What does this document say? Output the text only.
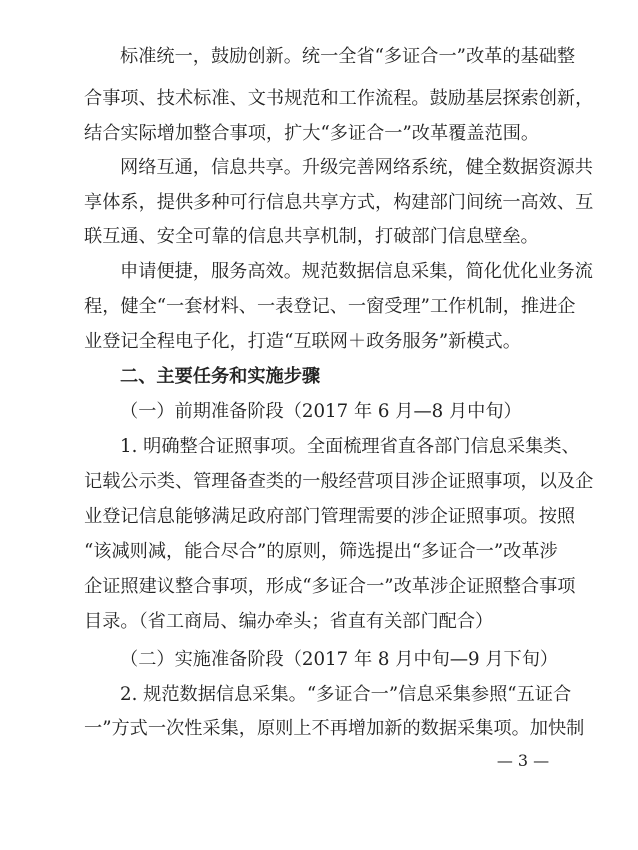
标准统一，鼓励创新。统一全省“多证合一”改革的基础整
合事项、技术标准、文书规范和工作流程。鼓励基层探索创新，
结合实际增加整合事项，扩大“多证合一”改革覆盖范围。
网络互通，信息共享。升级完善网络系统，健全数据资源共
享体系，提供多种可行信息共享方式，构建部门间统一高效、互
联互通、安全可靠的信息共享机制，打破部门信息壁垒。
申请便捷，服务高效。规范数据信息采集，简化优化业务流
程，健全“一套材料、一表登记、一窗受理”工作机制，推进企
业登记全程电子化，打造“互联网＋政务服务”新模式。
二、主要任务和实施步骤
（一）前期准备阶段（2017 年 6 月—8 月中旬）
1. 明确整合证照事项。全面梳理省直各部门信息采集类、
记载公示类、管理备查类的一般经营项目涉企证照事项，以及企
业登记信息能够满足政府部门管理需要的涉企证照事项。按照
“该减则减，能合尽合”的原则，筛选提出“多证合一”改革涉
企证照建议整合事项，形成“多证合一”改革涉企证照整合事项
目录。（省工商局、编办牵头；省直有关部门配合）
（二）实施准备阶段（2017 年 8 月中旬—9 月下旬）
2. 规范数据信息采集。“多证合一”信息采集参照“五证合
一”方式一次性采集，原则上不再增加新的数据采集项。加快制
— 3 —
